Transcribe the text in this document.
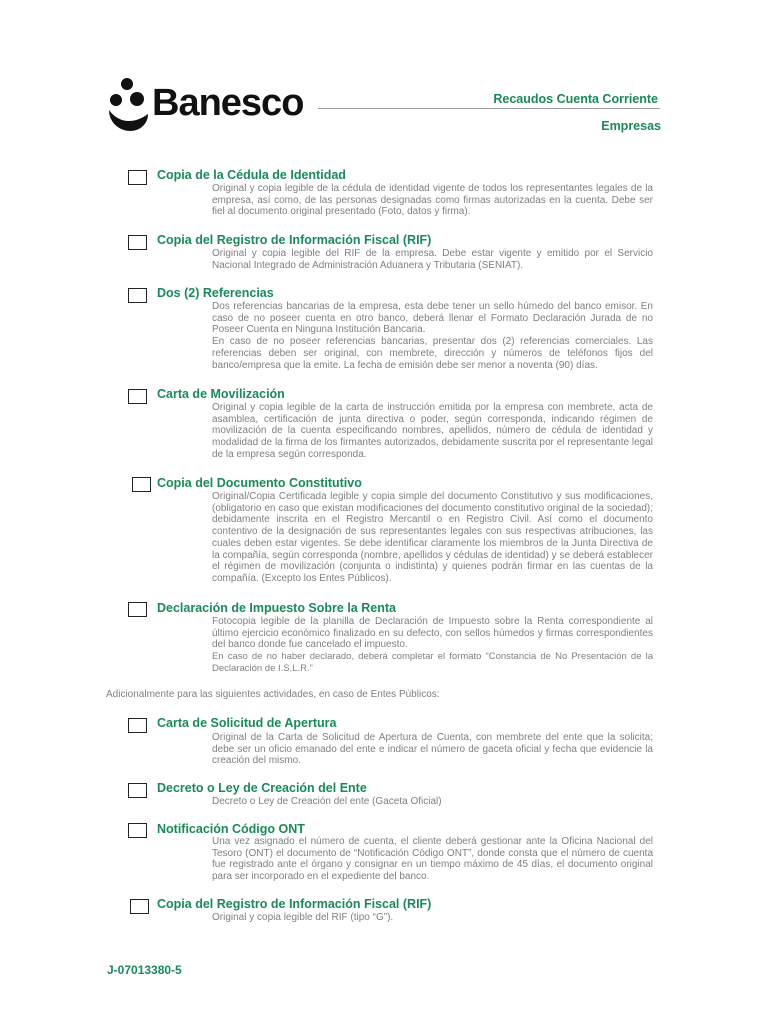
Banesco	Recaudos Cuenta Corriente
Empresas
Copia de la Cédula de Identidad

Original y copia legible de la cédula de identidad vigente de todos los representantes legales de la empresa, así como, de las personas designadas como firmas autorizadas en la cuenta. Debe ser fiel al documento original presentado (Foto, datos y firma).

Copia del Registro de Información Fiscal (RIF)

Original y copia legible del RIF de la empresa. Debe estar vigente y emitido por el Servicio Nacional Integrado de Administración Aduanera y Tributaria (SENIAT).

Dos (2) Referencias

Dos referencias bancarias de la empresa, esta debe tener un sello húmedo del banco emisor. En caso de no poseer cuenta en otro banco, deberá llenar el Formato Declaración Jurada de no Poseer Cuenta en Ninguna Institución Bancaria.

En caso de no poseer referencias bancarias, presentar dos (2) referencias comerciales. Las referencias deben ser original, con membrete, dirección y números de teléfonos fijos del banco/empresa que la emite. La fecha de emisión debe ser menor a noventa (90) días.

Carta de Movilización

Original y copia legible de la carta de instrucción emitida por la empresa con membrete, acta de asamblea, certificación de junta directiva o poder, según corresponda, indicando régimen de movilización de la cuenta especificando nombres, apellidos, número de cédula de identidad y modalidad de la firma de los firmantes autorizados, debidamente suscrita por el representante legal de la empresa según corresponda.

Copia del Documento Constitutivo

Original/Copia Certificada legible y copia simple del documento Constitutivo y sus modificaciones, (obligatorio en caso que existan modificaciones del documento constitutivo original de la sociedad); debidamente inscrita en el Registro Mercantil o en Registro Civil. Así como el documento contentivo de la designación de sus representantes legales con sus respectivas atribuciones, las cuales deben estar vigentes. Se debe identificar claramente los miembros de la Junta Directiva de la compañía, según corresponda (nombre, apellidos y cédulas de identidad) y se deberá establecer el régimen de movilización (conjunta o indistinta) y quienes podrán firmar en las cuentas de la compañía. (Excepto los Entes Públicos).

Declaración de Impuesto Sobre la Renta

Fotocopia legible de la planilla de Declaración de Impuesto sobre la Renta correspondiente al último ejercicio económico finalizado en su defecto, con sellos húmedos y firmas correspondientes del banco donde fue cancelado el impuesto.

En caso de no haber declarado, deberá completar el formato “Constancia de No Presentación de la Declaración de I.S.L.R.”

Adicionalmente para las siguientes actividades, en caso de Entes Públicos:
Carta de Solicitud de Apertura

Original de la Carta de Solicitud de Apertura de Cuenta, con membrete del ente que la solicita; debe ser un oficio emanado del ente e indicar el número de gaceta oficial y fecha que evidencie la creación del mismo.

Decreto o Ley de Creación del Ente

Decreto o Ley de Creación del ente (Gaceta Oficial)

Notificación Código ONT

Una vez asignado el número de cuenta, el cliente deberá gestionar ante la Oficina Nacional del Tesoro (ONT) el documento de “Notificación Código ONT”, donde consta que el número de cuenta fue registrado ante el órgano y consignar en un tiempo máximo de 45 días, el documento original para ser incorporado en el expediente del banco.

Copia del Registro de Información Fiscal (RIF)

Original y copia legible del RIF (tipo “G”).

J-07013380-5
